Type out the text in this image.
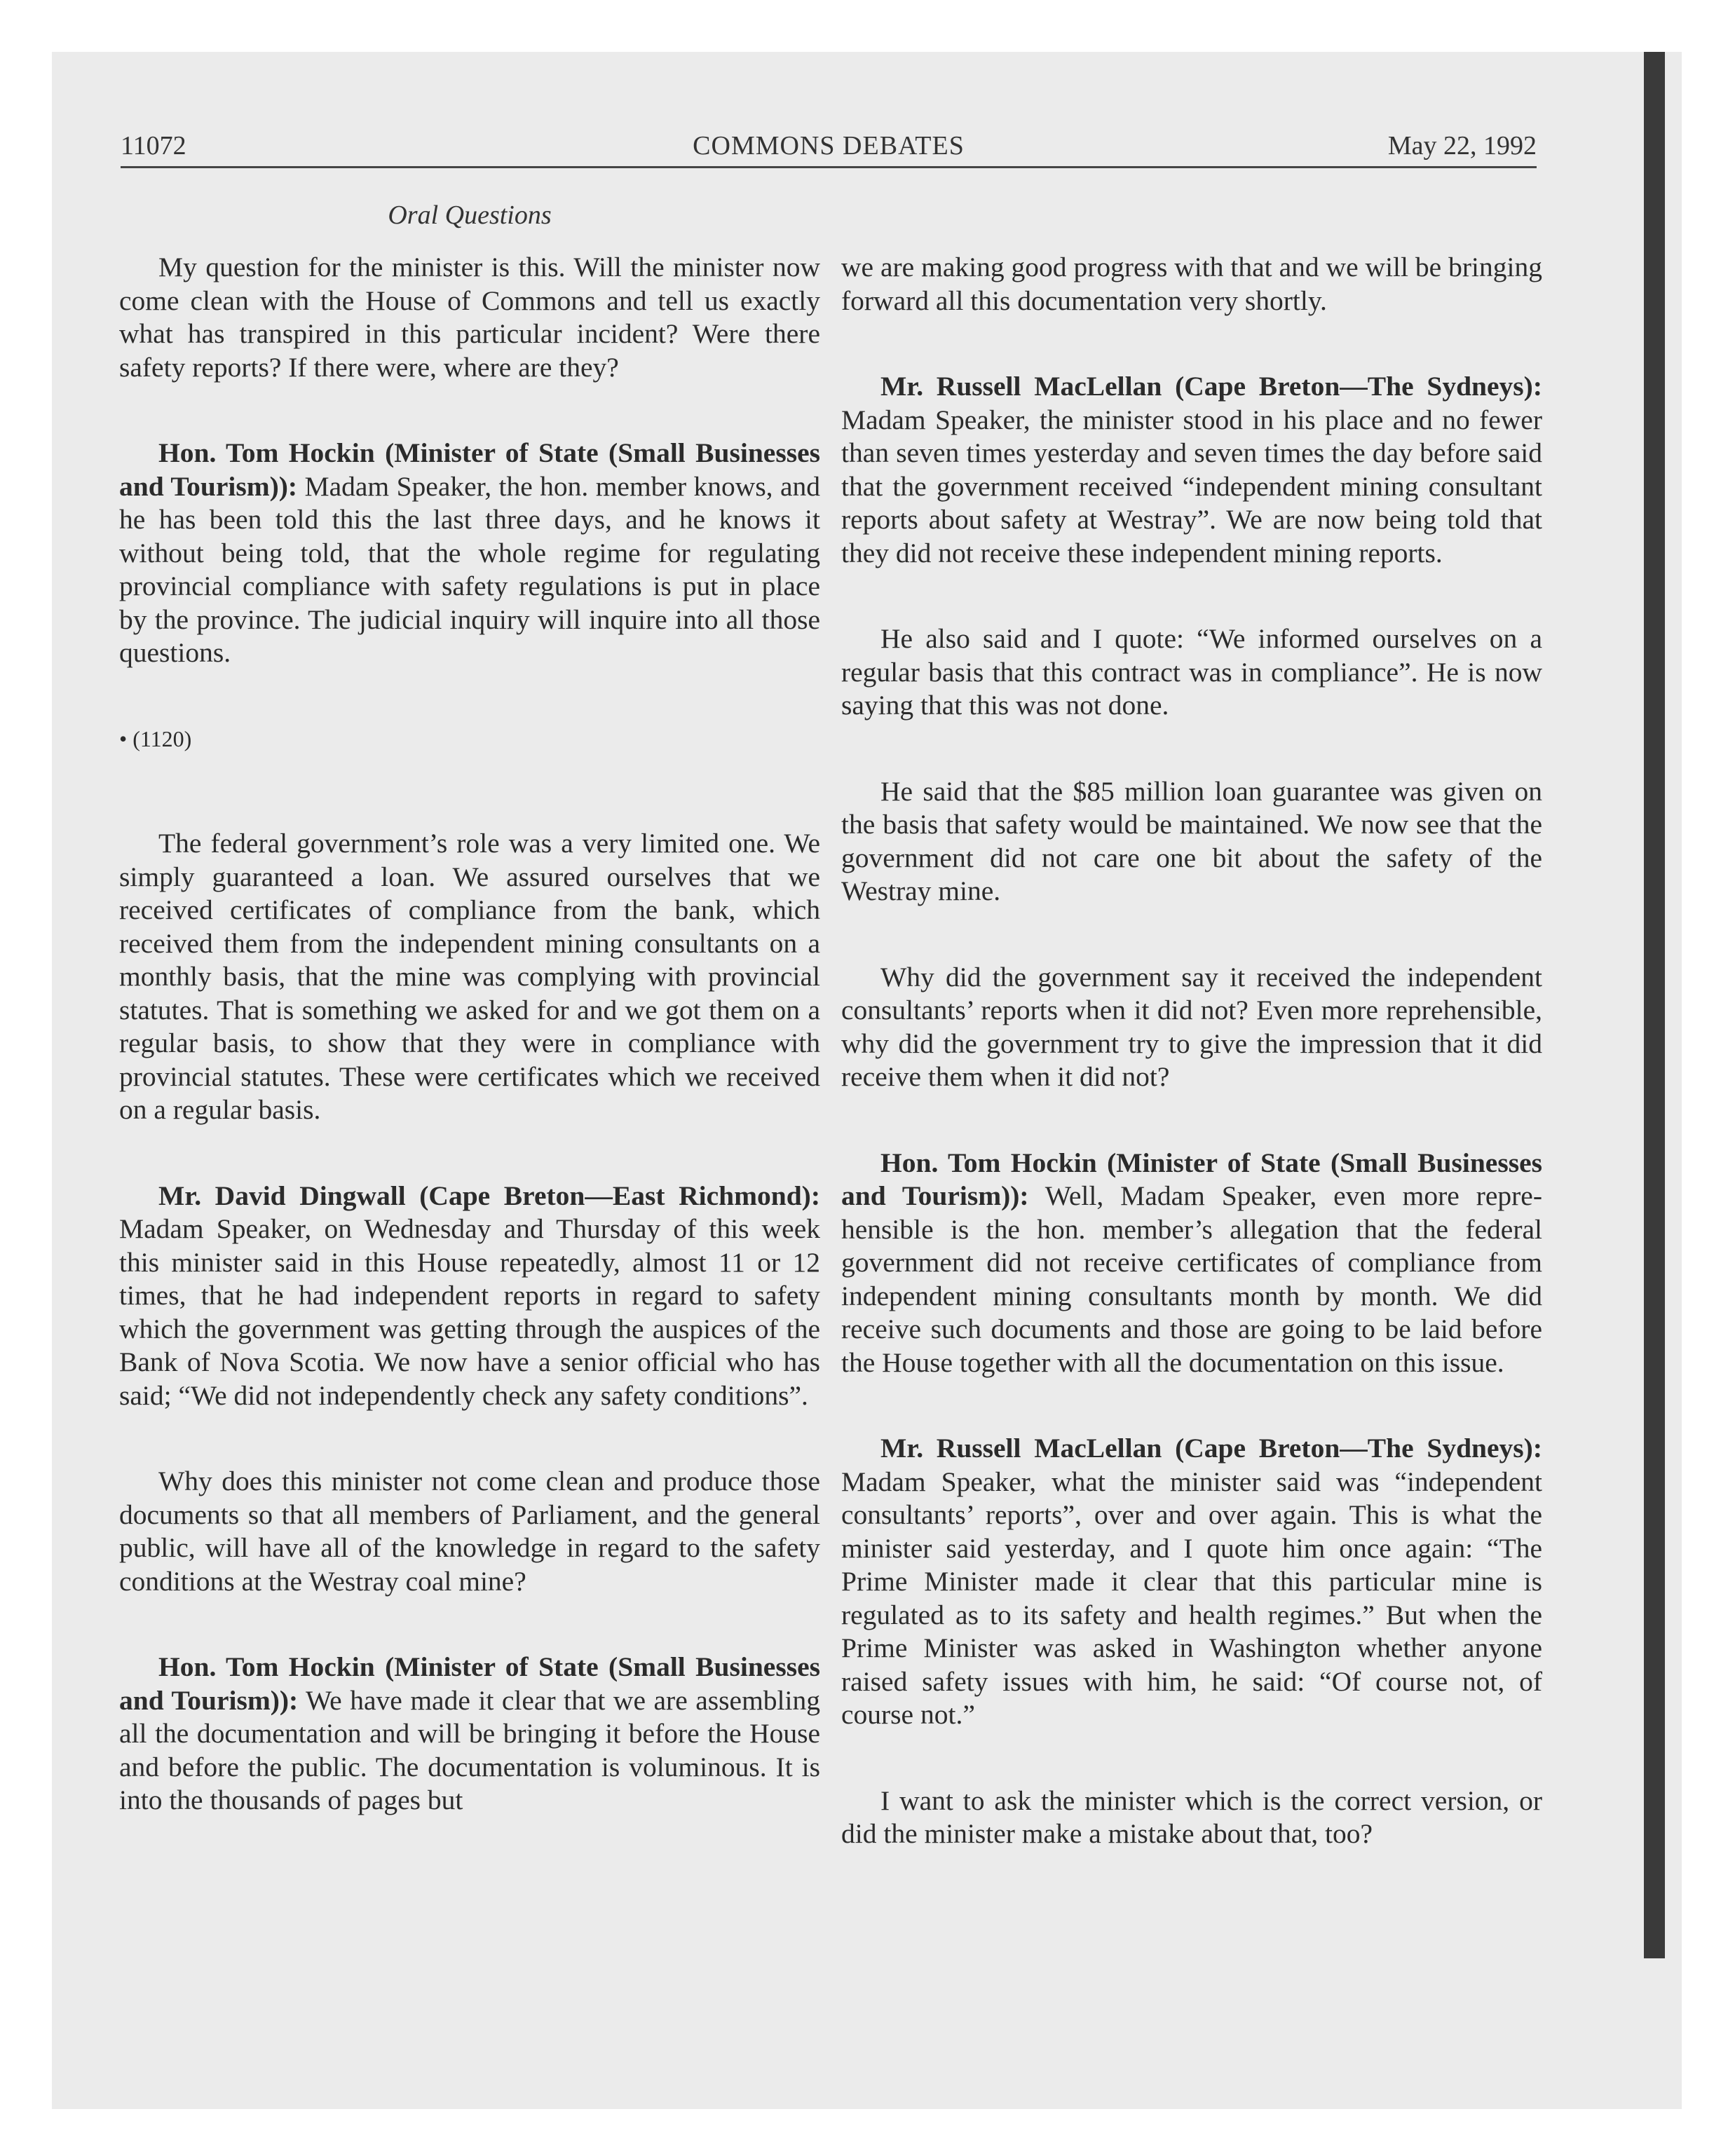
11072	COMMONS DEBATES	May 22, 1992
Oral Questions

My question for the minister is this. Will the minister now come clean with the House of Commons and tell us exactly what has transpired in this particular incident? Were there safety reports? If there were, where are they?

Hon. Tom Hockin (Minister of State (Small Businesses and Tourism)): Madam Speaker, the hon. member knows, and he has been told this the last three days, and he knows it without being told, that the whole regime for regulating provincial compliance with safety regulations is put in place by the province. The judicial inquiry will inquire into all those questions.

• (1120)

The federal government’s role was a very limited one. We simply guaranteed a loan. We assured ourselves that we received certificates of compliance from the bank, which received them from the independent mining consultants on a monthly basis, that the mine was complying with provincial statutes. That is something we asked for and we got them on a regular basis, to show that they were in compliance with provincial statutes. These were certificates which we received on a regular basis.

Mr. David Dingwall (Cape Breton—East Richmond): Madam Speaker, on Wednesday and Thursday of this week this minister said in this House repeatedly, almost 11 or 12 times, that he had independent reports in regard to safety which the government was getting through the auspices of the Bank of Nova Scotia. We now have a senior official who has said; “We did not independently check any safety conditions”.

Why does this minister not come clean and produce those documents so that all members of Parliament, and the general public, will have all of the knowledge in regard to the safety conditions at the Westray coal mine?

Hon. Tom Hockin (Minister of State (Small Businesses and Tourism)): We have made it clear that we are assembling all the documentation and will be bringing it before the House and before the public. The documentation is voluminous. It is into the thousands of pages but

we are making good progress with that and we will be bringing forward all this documentation very shortly.

Mr. Russell MacLellan (Cape Breton—The Sydneys): Madam Speaker, the minister stood in his place and no fewer than seven times yesterday and seven times the day before said that the government received “independent mining consultant reports about safety at Westray”. We are now being told that they did not receive these independent mining reports.

He also said and I quote: “We informed ourselves on a regular basis that this contract was in compliance”. He is now saying that this was not done.

He said that the $85 million loan guarantee was given on the basis that safety would be maintained. We now see that the government did not care one bit about the safety of the Westray mine.

Why did the government say it received the independent consultants’ reports when it did not? Even more reprehensible, why did the government try to give the impression that it did receive them when it did not?

Hon. Tom Hockin (Minister of State (Small Businesses and Tourism)): Well, Madam Speaker, even more reprehensible is the hon. member’s allegation that the federal government did not receive certificates of compliance from independent mining consultants month by month. We did receive such documents and those are going to be laid before the House together with all the documentation on this issue.

Mr. Russell MacLellan (Cape Breton—The Sydneys): Madam Speaker, what the minister said was “independent consultants’ reports”, over and over again. This is what the minister said yesterday, and I quote him once again: “The Prime Minister made it clear that this particular mine is regulated as to its safety and health regimes.” But when the Prime Minister was asked in Washington whether anyone raised safety issues with him, he said: “Of course not, of course not.”

I want to ask the minister which is the correct version, or did the minister make a mistake about that, too?
